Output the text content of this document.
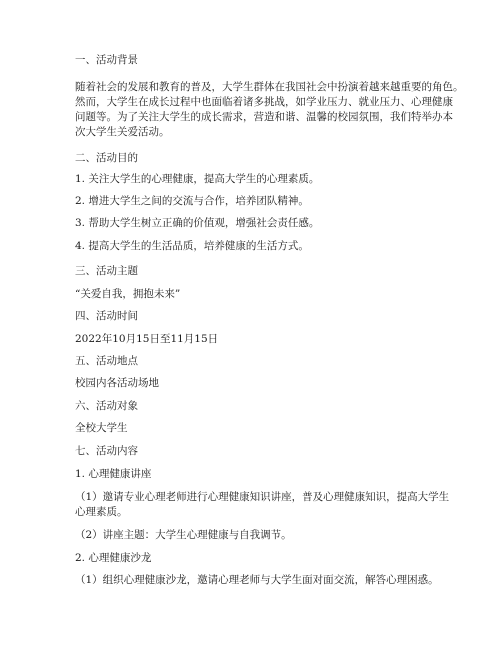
一、活动背景
随着社会的发展和教育的普及，大学生群体在我国社会中扮演着越来越重要的角色。
然而，大学生在成长过程中也面临着诸多挑战，如学业压力、就业压力、心理健康
问题等。为了关注大学生的成长需求，营造和谐、温馨的校园氛围，我们特举办本
次大学生关爱活动。
二、活动目的
1. 关注大学生的心理健康，提高大学生的心理素质。
2. 增进大学生之间的交流与合作，培养团队精神。
3. 帮助大学生树立正确的价值观，增强社会责任感。
4. 提高大学生的生活品质，培养健康的生活方式。
三、活动主题
“关爱自我，拥抱未来”
四、活动时间
2022年10月15日至11月15日
五、活动地点
校园内各活动场地
六、活动对象
全校大学生
七、活动内容
1. 心理健康讲座
（1）邀请专业心理老师进行心理健康知识讲座，普及心理健康知识，提高大学生
心理素质。
（2）讲座主题：大学生心理健康与自我调节。
2. 心理健康沙龙
（1）组织心理健康沙龙，邀请心理老师与大学生面对面交流，解答心理困惑。
